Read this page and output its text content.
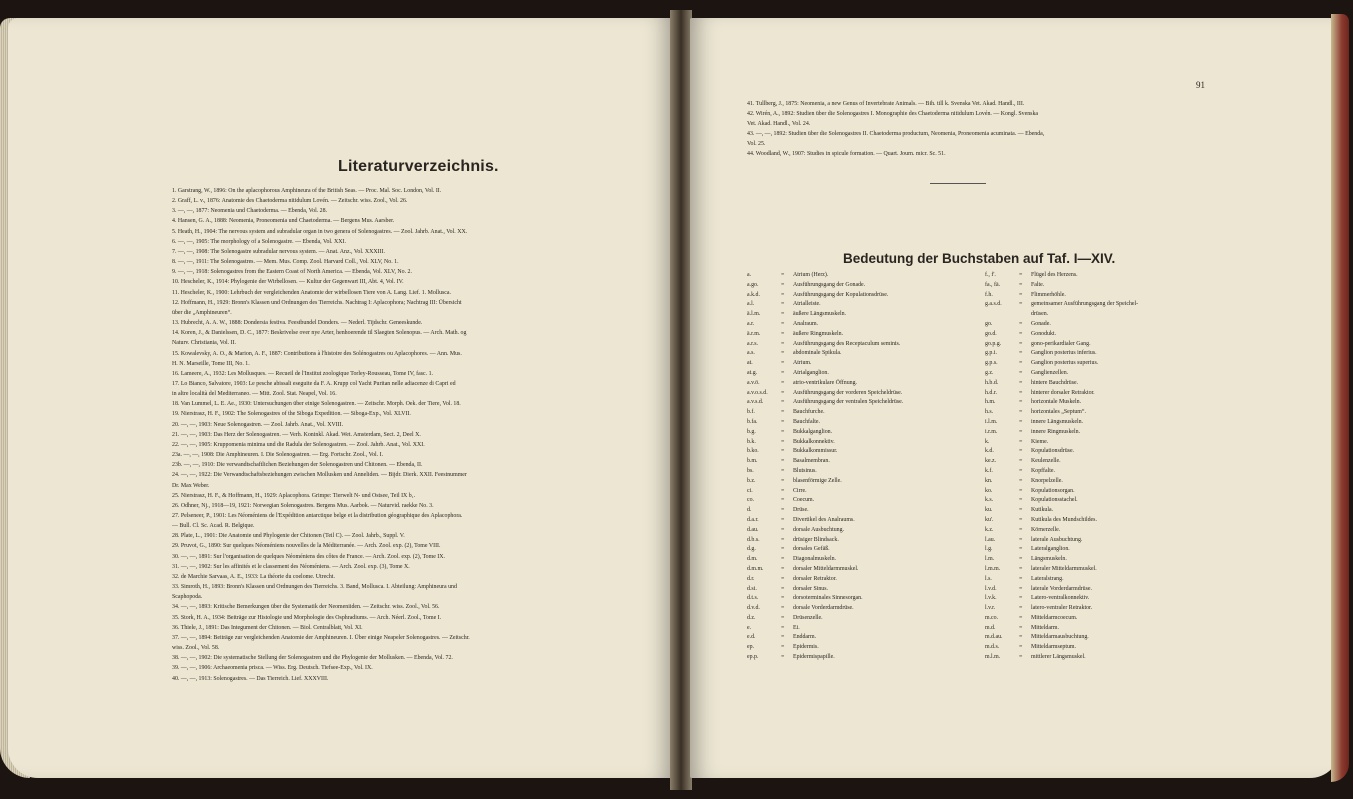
Literaturverzeichnis.
1. Garstrang, W., 1896: On the aplacophorous Amphineura of the British Seas. — Proc. Mal. Soc. London, Vol. II.
2. Graff, L. v., 1876: Anatomie des Chaetoderma nitidulum Lovén. — Zeitschr. wiss. Zool., Vol. 26.
3. —, —, 1877: Neomenia und Chaetoderma. — Ebenda, Vol. 28.
4. Hansen, G. A., 1888: Neomenia, Proneomenia und Chaetoderma. — Bergens Mus. Aarsber.
5. Heath, H., 1904: The nervous system and subradular organ in two genera of Solenogastres. — Zool. Jahrb. Anat., Vol. XX.
6. —, —, 1905: The morphology of a Solenogastre. — Ebenda, Vol. XXI.
7. —, —, 1908: The Solenogastre subradular nervous system. — Anat. Anz., Vol. XXXIII.
8. —, —, 1911: The Solenogastres. — Mem. Mus. Comp. Zool. Harvard Coll., Vol. XLV, No. 1.
9. —, —, 1918: Solenogastres from the Eastern Coast of North America. — Ebenda, Vol. XLV, No. 2.
10. Hescheler, K., 1914: Phylogenie der Wirbellosen. — Kultur der Gegenwart III, Abt. 4, Vol. IV.
11. Hescheler, K., 1900: Lehrbuch der vergleichenden Anatomie der wirbellosen Tiere von A. Lang. Lief. 1. Mollusca.
12. Hoffmann, H., 1929: Bronn's Klassen und Ordnungen des Tierreichs. Nachtrag I: Aplacophora; Nachtrag III: Übersicht
über die „Amphineuren“.
13. Hubrecht, A. A. W., 1888: Dondersia festiva. Feestbundel Donders. — Nederl. Tijdschr. Geneeskunde.
14. Koren, J., & Danielssen, D. C., 1877: Beskrivelse over nye Arter, henhoerende til Slaegten Solenopus. — Arch. Math. og
Naturv. Christiania, Vol. II.
15. Kowalevsky, A. O., & Marion, A. F., 1887: Contributions à l'histoire des Solénogastres ou Aplacophores. — Ann. Mus.
H. N. Marseille, Tome III, No. 1.
16. Lameere, A., 1932: Les Mollusques. — Recueil de l'Institut zoologique Torley-Rousseau, Tome IV, fasc. 1.
17. Lo Bianco, Salvatore, 1903: Le pesche abissali eseguite da F. A. Krupp col Yacht Puritan nelle adiacenze di Capri ed
in altre località del Mediterraneo. — Mitt. Zool. Stat. Neapel, Vol. 16.
18. Van Lummel, L. E. Ae., 1930: Untersuchungen über einige Solenogastren. — Zeitschr. Morph. Oek. der Tiere, Vol. 18.
19. Nierstrasz, H. F., 1902: The Solenogastres of the Siboga Expedition. — Siboga-Exp., Vol. XLVII.
20. —, —, 1903: Neue Solenogastren. — Zool. Jahrb. Anat., Vol. XVIII.
21. —, —, 1903: Das Herz der Solenogastren. — Verh. Koninkl. Akad. Wet. Amsterdam, Sect. 2, Deel X.
22. —, —, 1905: Kruppomenia minima und die Radula der Solenogastren. — Zool. Jahrb. Anat., Vol. XXI.
23a. —, —, 1908: Die Amphineuren. I. Die Solenogastren. — Erg. Fortschr. Zool., Vol. I.
23b. —, —, 1910: Die verwandtschaftlichen Beziehungen der Solenogastren und Chitonen. — Ebenda, II.
24. —, —, 1922: Die Verwandtschaftsbeziehungen zwischen Mollusken und Anneliden. — Bijdr. Dierk. XXII. Feestnummer
Dr. Max Weber.
25. Nierstrasz, H. F., & Hoffmann, H., 1929: Aplacophora. Grimpe: Tierwelt N- und Ostsee, Teil IX b₁.
26. Odhner, Nj., 1918—19, 1921: Norwegian Solenogastres. Bergens Mus. Aarbok. — Naturvid. raekke No. 3.
27. Pelseneer, P., 1901: Les Néoméniens de l'Expédition antarctique belge et la distribution géographique des Aplacophora.
— Bull. Cl. Sc. Acad. R. Belgique.
28. Plate, L., 1901: Die Anatomie und Phylogenie der Chitonen (Teil C). — Zool. Jahrb., Suppl. V.
29. Pruvot, G., 1890: Sur quelques Néoméniens nouvelles de la Méditerranée. — Arch. Zool. exp. (2), Tome VIII.
30. —, —, 1891: Sur l'organisation de quelques Néoméniens des côtes de France. — Arch. Zool. exp. (2), Tome IX.
31. —, —, 1902: Sur les affinités et le classement des Néoméniens. — Arch. Zool. exp. (3), Tome X.
32. de Marchie Sarvaas, A. E., 1933: La théorie du coelome. Utrecht.
33. Simroth, H., 1893: Bronn's Klassen und Ordnungen des Tierreichs. 3. Band, Mollusca. I. Abteilung: Amphineura und
Scaphopoda.
34. —, —, 1893: Kritische Bemerkungen über die Systematik der Neomeniiden. — Zeitschr. wiss. Zool., Vol. 56.
35. Stork, H. A., 1934: Beiträge zur Histologie und Morphologie des Osphradiums. — Arch. Néerl. Zool., Tome I.
36. Thiele, J., 1891: Das Integument der Chitonen. — Biol. Centralblatt, Vol. XI.
37. —, —, 1894: Beiträge zur vergleichenden Anatomie der Amphineuren. I. Über einige Neapeler Solenogastres. — Zeitschr.
wiss. Zool., Vol. 58.
38. —, —, 1902: Die systematische Stellung der Solenogastren und die Phylogenie der Mollusken. — Ebenda, Vol. 72.
39. —, —, 1906: Archaeomenia prisca. — Wiss. Erg. Deutsch. Tiefsee-Exp., Vol. IX.
40. —, —, 1913: Solenogastres. — Das Tierreich. Lief. XXXVIII.
91
41. Tullberg, J., 1875: Neomenia, a new Genus of Invertebrate Animals. — Bih. till k. Svenska Vet. Akad. Handl., III.
42. Wirén, A., 1892: Studien über die Solenogastres I. Monographie des Chaetoderma nitidulum Lovén. — Kongl. Svenska
Vet. Akad. Handl., Vol. 24.
43. —, —, 1892: Studien über die Solenogastres II. Chaetoderma productum, Neomenia, Proneomenia acuminata. — Ebenda,
Vol. 25.
44. Woodland, W., 1907: Studies in spicule formation. — Quart. Journ. micr. Sc. 51.
Bedeutung der Buchstaben auf Taf. I—XIV.
a.	= Atrium (Herz).
a.go.	= Ausführungsgang der Gonade.
a.k.d.	= Ausführungsgang der Kopulationsdrüse.
a.l.	= Atrialleiste.
ä.l.m.	= äußere Längsmuskeln.
a.r.	= Analraum.
ä.r.m.	= äußere Ringmuskeln.
a.r.s.	= Ausführungsgang des Receptaculum seminis.
a.s.	= abdominale Spikula.
at.	= Atrium.
at.g.	= Atrialganglion.
a.v.ö.	= atrio-ventrikulare Öffnung.
a.v.o.s.d. = Ausführungsgang der vorderen Speicheldrüse.
a.v.s.d.	= Ausführungsgang der ventralen Speicheldrüse.
b.f.	= Bauchfurche.
b.fa.	= Bauchfalte.
b.g.	= Bukkalganglion.
b.k.	= Bukkalkonnektiv.
b.ko.	= Bukkalkommissur.
b.m.	= Basalmembran.
bs.	= Blutsinus.
b.z.	= blasenförmige Zelle.
ci.	= Cirre.
co.	= Coecum.
d.	= Drüse.
d.a.r.	= Divertikel des Analraums.
d.au.	= dorsale Ausbuchtung.
d.b.s.	= drüsiger Blindsack.
d.g.	= dorsales Gefäß.
d.m.	= Diagonalmuskeln.
d.m.m.	= dorsaler Mitteldarmmuskel.
d.r.	= dorsaler Retraktor.
d.si.	= dorsaler Sinus.
d.t.s.	= dorsoterminales Sinnesorgan.
d.v.d.	= dorsale Vorderdarmdrüse.
d.z.	= Drüsenzelle.
e.	= Ei.
e.d.	= Enddarm.
ep.	= Epidermis.
ep.p.	= Epidermispapille.
f., f'.	= Flügel des Herzens.
fa., fä.	= Falte.
f.h.	= Flimmerhöhle.
g.a.s.d.	= gemeinsamer Ausführungsgang der Speichel-
drüsen.
go.	= Gonade.
go.d.	= Gonodukt.
go.p.g.	= gono-perikardialer Gang.
g.p.i.	= Ganglion posterius inferius.
g.p.s.	= Ganglion posterius superius.
g.z.	= Ganglienzellen.
h.b.d.	= hintere Bauchdrüse.
h.d.r.	= hinterer dorsaler Retraktor.
h.m.	= horizontale Muskeln.
h.s.	= horizontales „Septum“.
i.l.m.	= innere Längsmuskeln.
i.r.m.	= innere Ringmuskeln.
k.	= Kieme.
k.d.	= Kopulationsdrüse.
ke.z.	= Keulenzelle.
k.f.	= Kopffalte.
kn.	= Knorpelzelle.
ko.	= Kopulationsorgan.
k.s.	= Kopulationsstachel.
ku.	= Kutikula.
ku'.	= Kutikula des Mundschildes.
k.z.	= Körnerzelle.
l.au.	= laterale Ausbuchtung.
l.g.	= Lateralganglion.
l.m.	= Längsmuskeln.
l.m.m.	= lateraler Mitteldarmmuskel.
l.s.	= Lateralstrang.
l.v.d.	= laterale Vorderdarmdrüse.
l.v.k.	= Latero-ventralkonnektiv.
l.v.r.	= latero-ventraler Retraktor.
m.co.	= Mitteldarmcoecum.
m.d.	= Mitteldarm.
m.d.au.	= Mitteldarmausbuchtung.
m.d.s.	= Mitteldarmseptum.
m.l.m.	= mittlerer Längsmuskel.
